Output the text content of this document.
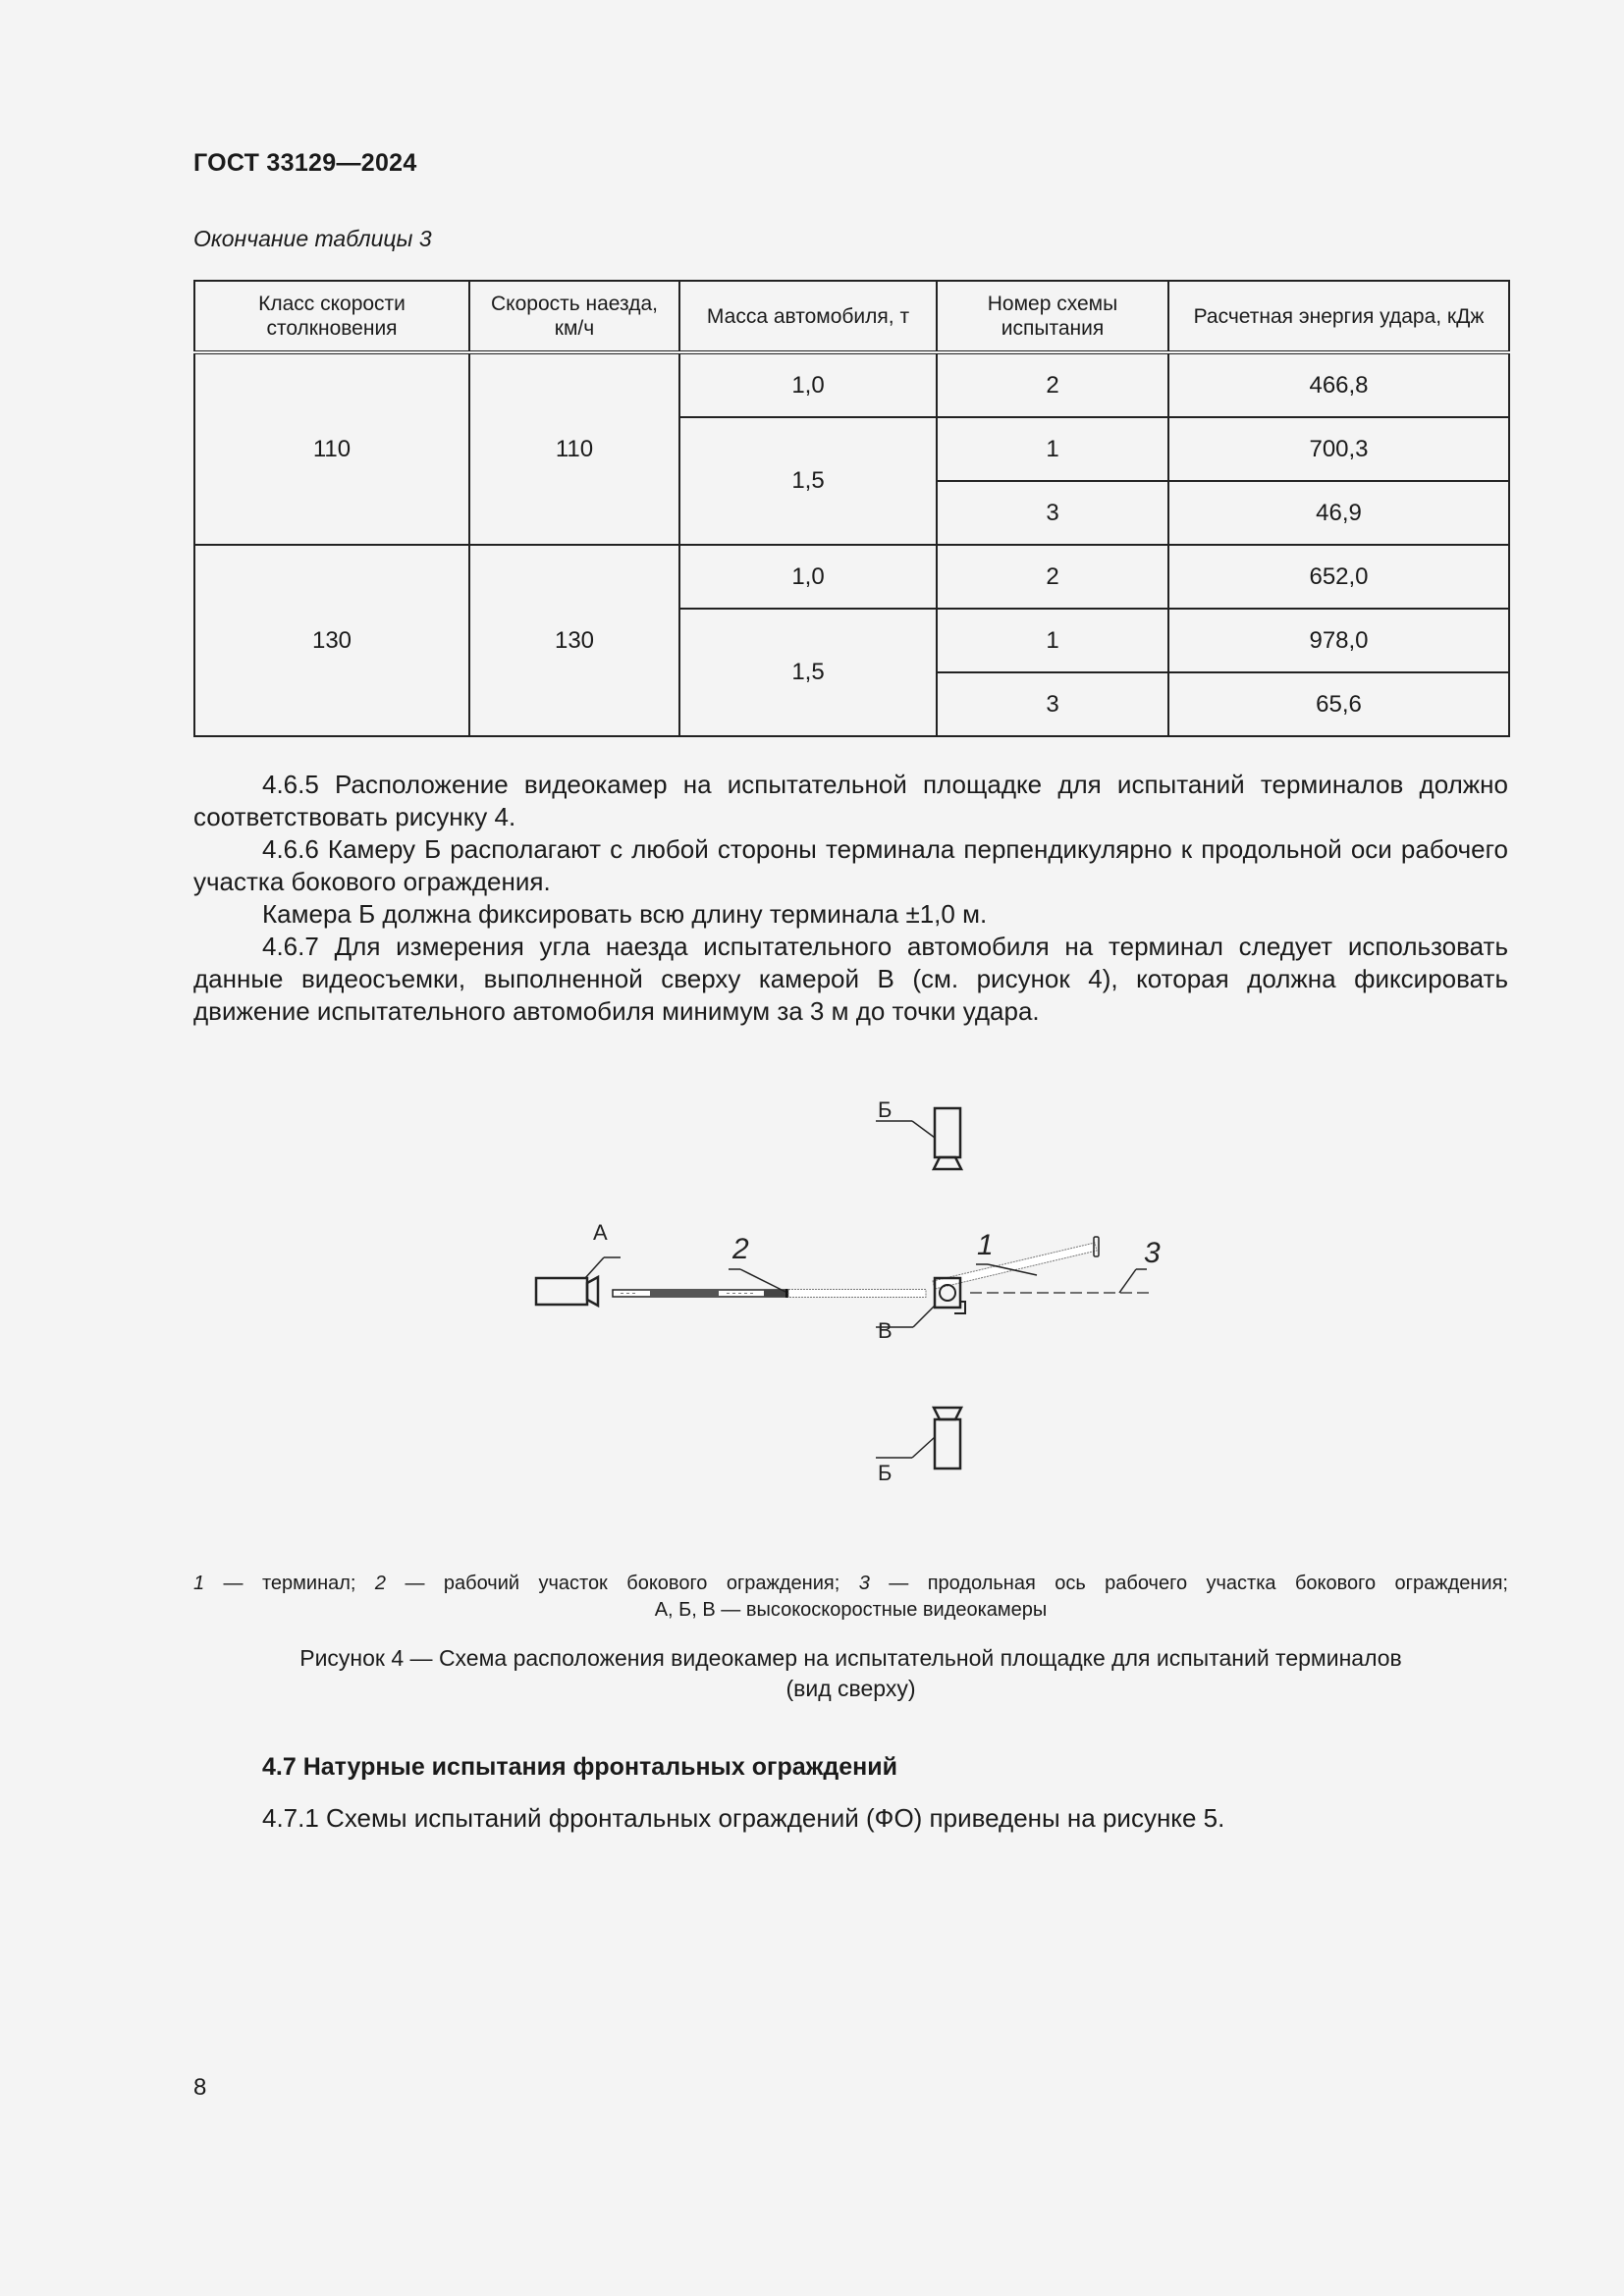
ГОСТ 33129—2024
Окончание таблицы 3
Класс скорости столкновения	Скорость наезда, км/ч	Масса автомобиля, т	Номер схемы испытания	Расчетная энергия удара, кДж
110	110	1,0	2	466,8
		1,5	1	700,3
			3	46,9
130	130	1,0	2	652,0
		1,5	1	978,0
			3	65,6

4.6.5 Расположение видеокамер на испытательной площадке для испытаний терминалов должно соответствовать рисунку 4.

4.6.6 Камеру Б располагают с любой стороны терминала перпендикулярно к продольной оси рабочего участка бокового ограждения.

Камера Б должна фиксировать всю длину терминала ±1,0 м.

4.6.7 Для измерения угла наезда испытательного автомобиля на терминал следует использовать данные видеосъемки, выполненной сверху камерой В (см. рисунок 4), которая должна фиксировать движение испытательного автомобиля минимум за 3 м до точки удара.

Б
А
2	1	3
В
Б
1 — терминал; 2 — рабочий участок бокового ограждения; 3 — продольная ось рабочего участка бокового ограждения;
А, Б, В — высокоскоростные видеокамеры
Рисунок 4 — Схема расположения видеокамер на испытательной площадке для испытаний терминалов
(вид сверху)
4.7 Натурные испытания фронтальных ограждений
4.7.1 Схемы испытаний фронтальных ограждений (ФО) приведены на рисунке 5.
8
